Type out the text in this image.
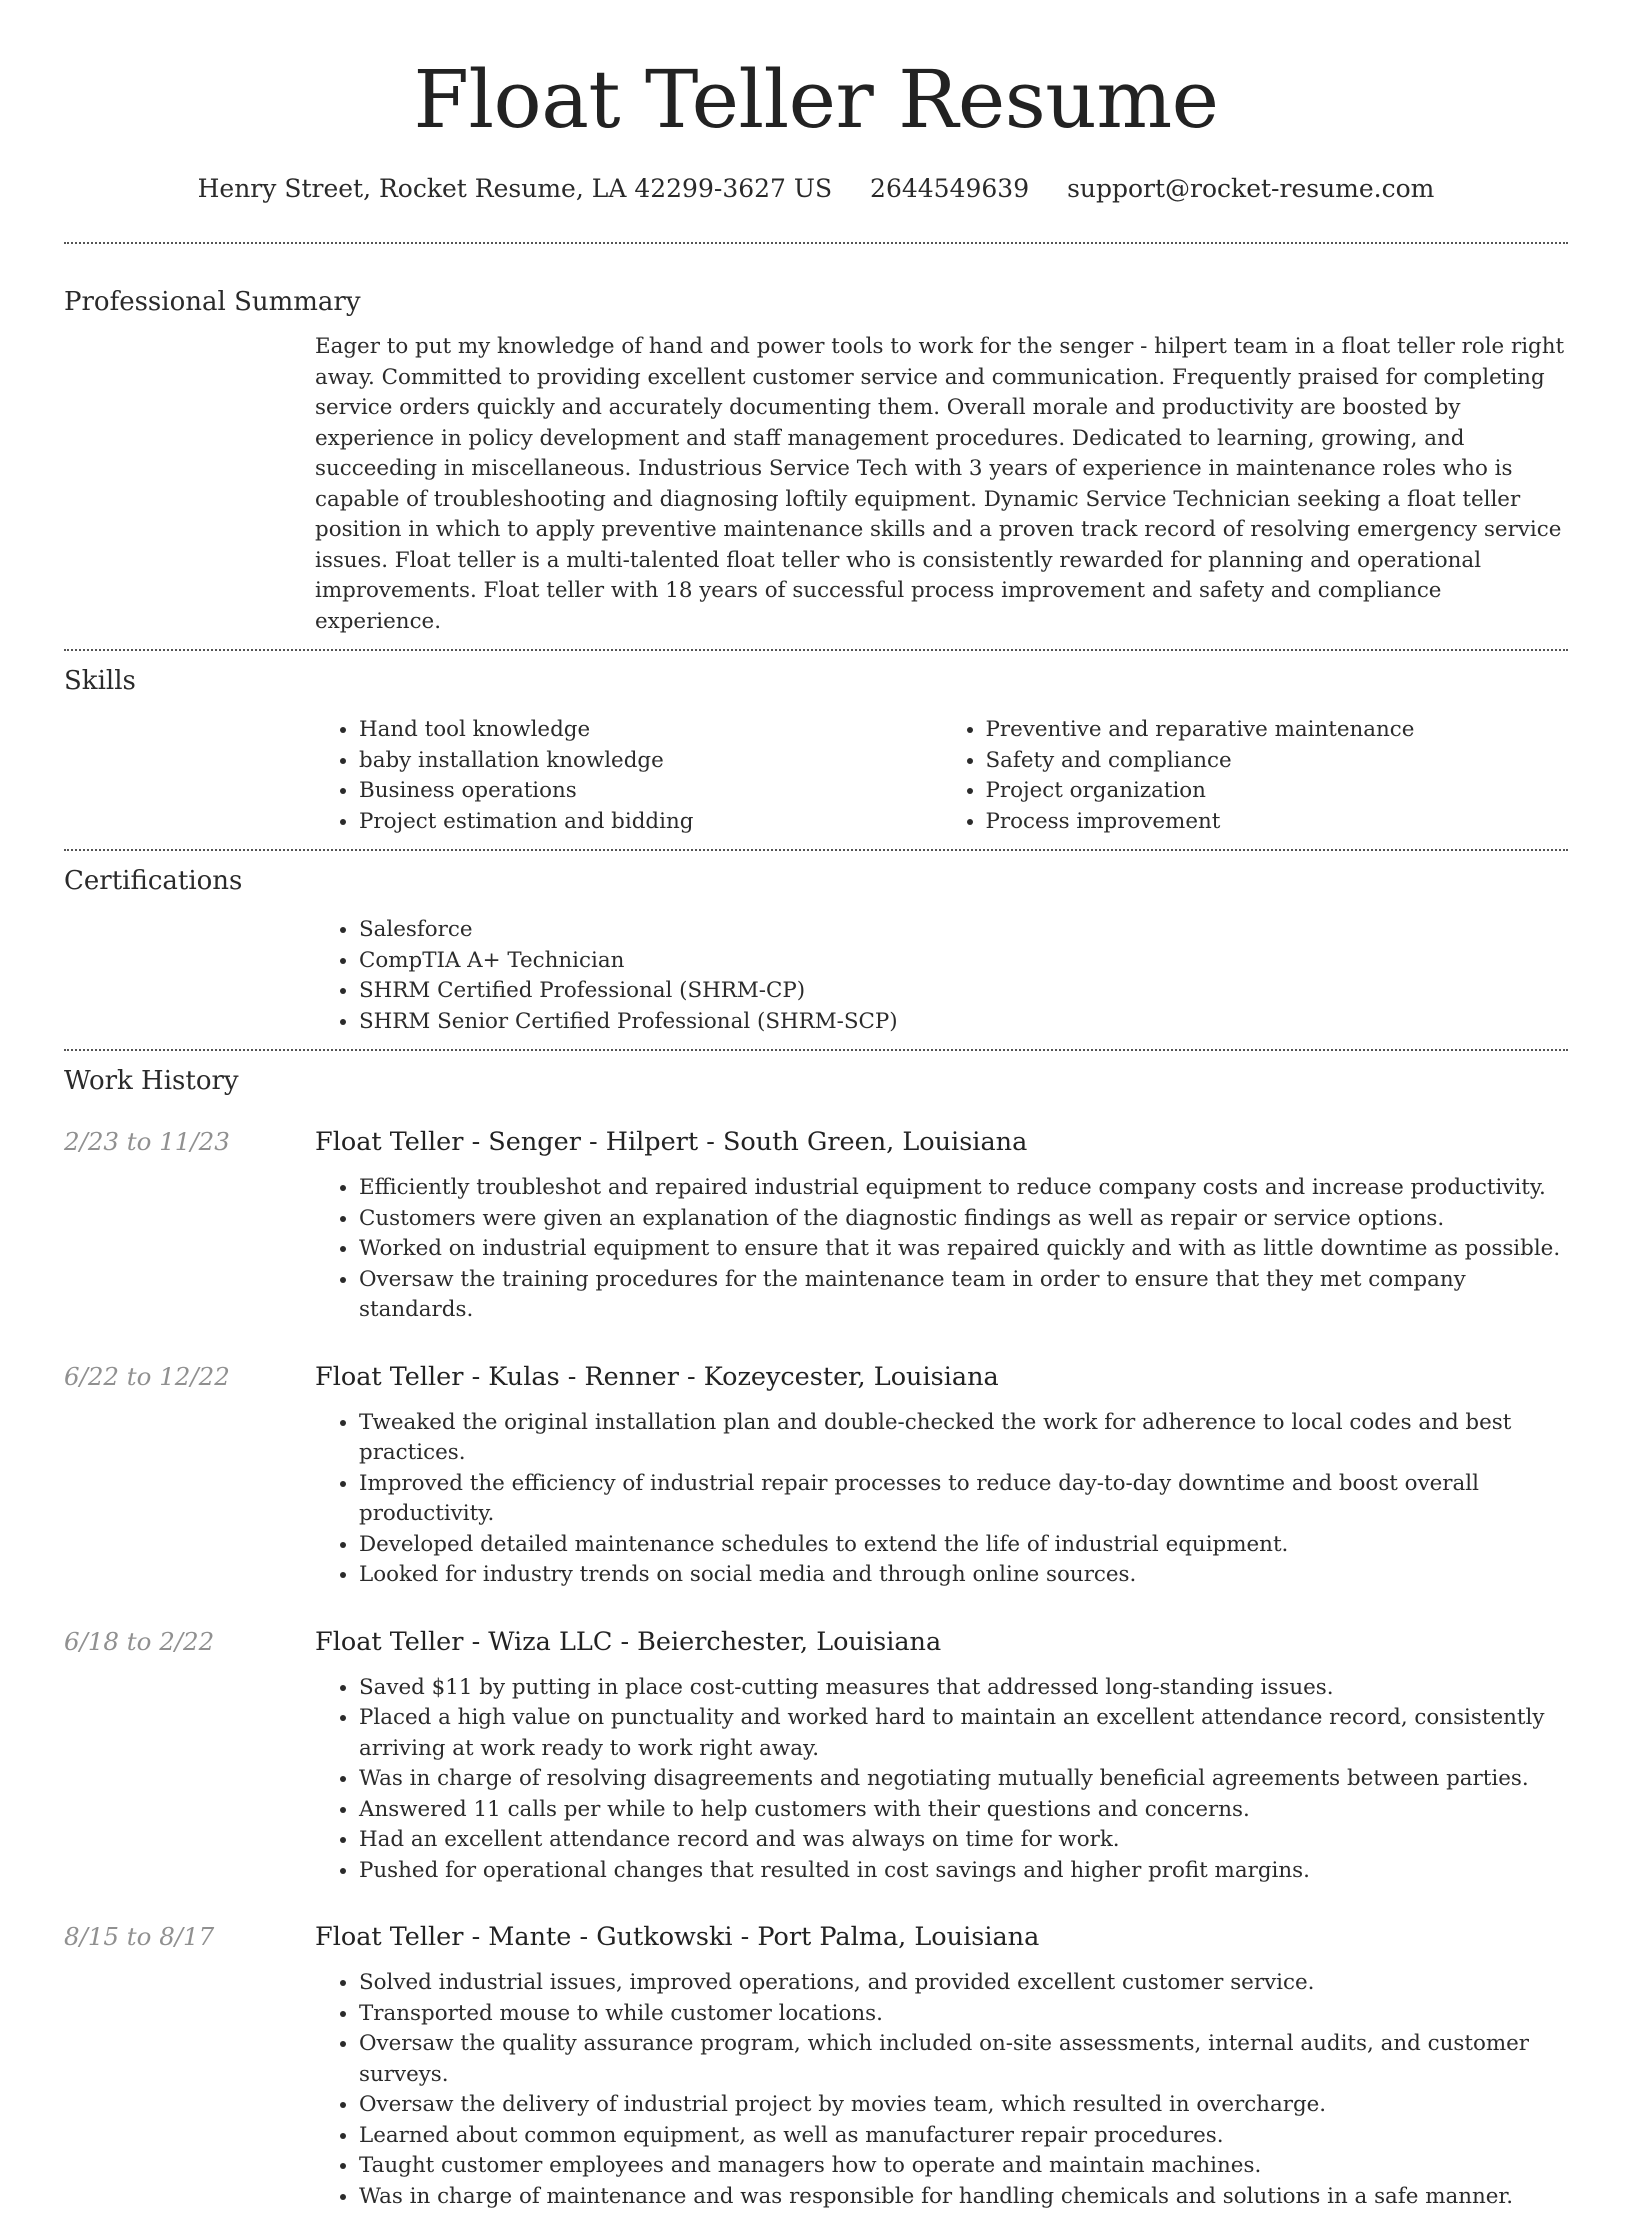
Float Teller Resume
Henry Street, Rocket Resume, LA 42299-3627 US 2644549639 support@rocket-resume.com
Professional Summary
Eager to put my knowledge of hand and power tools to work for the senger - hilpert team in a float teller role right away. Committed to providing excellent customer service and communication. Frequently praised for completing service orders quickly and accurately documenting them. Overall morale and productivity are boosted by experience in policy development and staff management procedures. Dedicated to learning, growing, and succeeding in miscellaneous. Industrious Service Tech with 3 years of experience in maintenance roles who is capable of troubleshooting and diagnosing loftily equipment. Dynamic Service Technician seeking a float teller position in which to apply preventive maintenance skills and a proven track record of resolving emergency service issues. Float teller is a multi-talented float teller who is consistently rewarded for planning and operational improvements. Float teller with 18 years of successful process improvement and safety and compliance experience.
Skills
• Hand tool knowledge
• baby installation knowledge
• Business operations
• Project estimation and bidding
• Preventive and reparative maintenance
• Safety and compliance
• Project organization
• Process improvement
Certifications
• Salesforce
• CompTIA A+ Technician
• SHRM Certified Professional (SHRM-CP)
• SHRM Senior Certified Professional (SHRM-SCP)
Work History
2/23 to 11/23	Float Teller - Senger - Hilpert - South Green, Louisiana
• Efficiently troubleshot and repaired industrial equipment to reduce company costs and increase productivity.
• Customers were given an explanation of the diagnostic findings as well as repair or service options.
• Worked on industrial equipment to ensure that it was repaired quickly and with as little downtime as possible.
• Oversaw the training procedures for the maintenance team in order to ensure that they met company standards.
6/22 to 12/22	Float Teller - Kulas - Renner - Kozeycester, Louisiana
• Tweaked the original installation plan and double-checked the work for adherence to local codes and best practices.
• Improved the efficiency of industrial repair processes to reduce day-to-day downtime and boost overall productivity.
• Developed detailed maintenance schedules to extend the life of industrial equipment.
• Looked for industry trends on social media and through online sources.
6/18 to 2/22	Float Teller - Wiza LLC - Beierchester, Louisiana
• Saved $11 by putting in place cost-cutting measures that addressed long-standing issues.
• Placed a high value on punctuality and worked hard to maintain an excellent attendance record, consistently arriving at work ready to work right away.
• Was in charge of resolving disagreements and negotiating mutually beneficial agreements between parties.
• Answered 11 calls per while to help customers with their questions and concerns.
• Had an excellent attendance record and was always on time for work.
• Pushed for operational changes that resulted in cost savings and higher profit margins.
8/15 to 8/17	Float Teller - Mante - Gutkowski - Port Palma, Louisiana
• Solved industrial issues, improved operations, and provided excellent customer service.
• Transported mouse to while customer locations.
• Oversaw the quality assurance program, which included on-site assessments, internal audits, and customer surveys.
• Oversaw the delivery of industrial project by movies team, which resulted in overcharge.
• Learned about common equipment, as well as manufacturer repair procedures.
• Taught customer employees and managers how to operate and maintain machines.
• Was in charge of maintenance and was responsible for handling chemicals and solutions in a safe manner.
